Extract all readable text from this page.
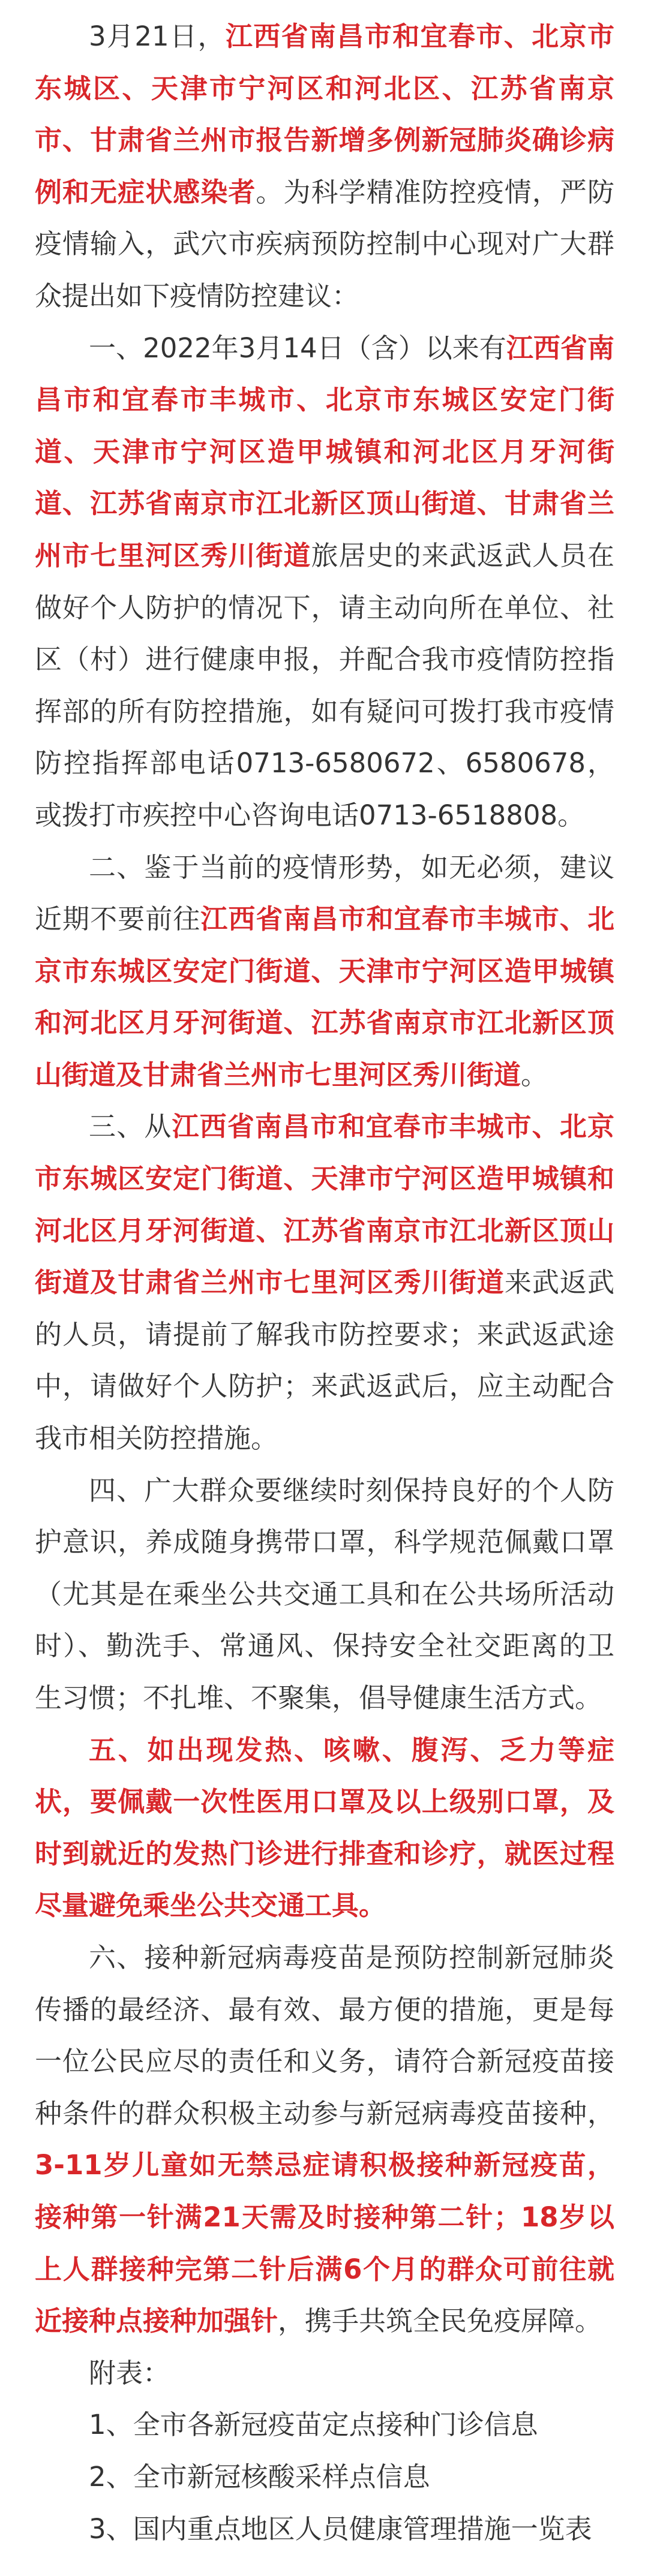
3月21日，江西省南昌市和宜春市、北京市东城区、天津市宁河区和河北区、江苏省南京市、甘肃省兰州市报告新增多例新冠肺炎确诊病例和无症状感染者。为科学精准防控疫情，严防疫情输入，武穴市疾病预防控制中心现对广大群众提出如下疫情防控建议：

一、2022年3月14日（含）以来有江西省南昌市和宜春市丰城市、北京市东城区安定门街道、天津市宁河区造甲城镇和河北区月牙河街道、江苏省南京市江北新区顶山街道、甘肃省兰州市七里河区秀川街道旅居史的来武返武人员在做好个人防护的情况下，请主动向所在单位、社区（村）进行健康申报，并配合我市疫情防控指挥部的所有防控措施，如有疑问可拨打我市疫情防控指挥部电话0713-6580672、6580678，或拨打市疾控中心咨询电话0713-6518808。

二、鉴于当前的疫情形势，如无必须，建议近期不要前往江西省南昌市和宜春市丰城市、北京市东城区安定门街道、天津市宁河区造甲城镇和河北区月牙河街道、江苏省南京市江北新区顶山街道及甘肃省兰州市七里河区秀川街道。

三、从江西省南昌市和宜春市丰城市、北京市东城区安定门街道、天津市宁河区造甲城镇和河北区月牙河街道、江苏省南京市江北新区顶山街道及甘肃省兰州市七里河区秀川街道来武返武的人员，请提前了解我市防控要求；来武返武途中，请做好个人防护；来武返武后，应主动配合我市相关防控措施。

四、广大群众要继续时刻保持良好的个人防护意识，养成随身携带口罩，科学规范佩戴口罩（尤其是在乘坐公共交通工具和在公共场所活动时）、勤洗手、常通风、保持安全社交距离的卫生习惯；不扎堆、不聚集，倡导健康生活方式。

五、如出现发热、咳嗽、腹泻、乏力等症状，要佩戴一次性医用口罩及以上级别口罩，及时到就近的发热门诊进行排查和诊疗，就医过程尽量避免乘坐公共交通工具。

六、接种新冠病毒疫苗是预防控制新冠肺炎传播的最经济、最有效、最方便的措施，更是每一位公民应尽的责任和义务，请符合新冠疫苗接种条件的群众积极主动参与新冠病毒疫苗接种，3-11岁儿童如无禁忌症请积极接种新冠疫苗，接种第一针满21天需及时接种第二针；18岁以上人群接种完第二针后满6个月的群众可前往就近接种点接种加强针，携手共筑全民免疫屏障。

附表：

1、全市各新冠疫苗定点接种门诊信息

2、全市新冠核酸采样点信息

3、国内重点地区人员健康管理措施一览表
